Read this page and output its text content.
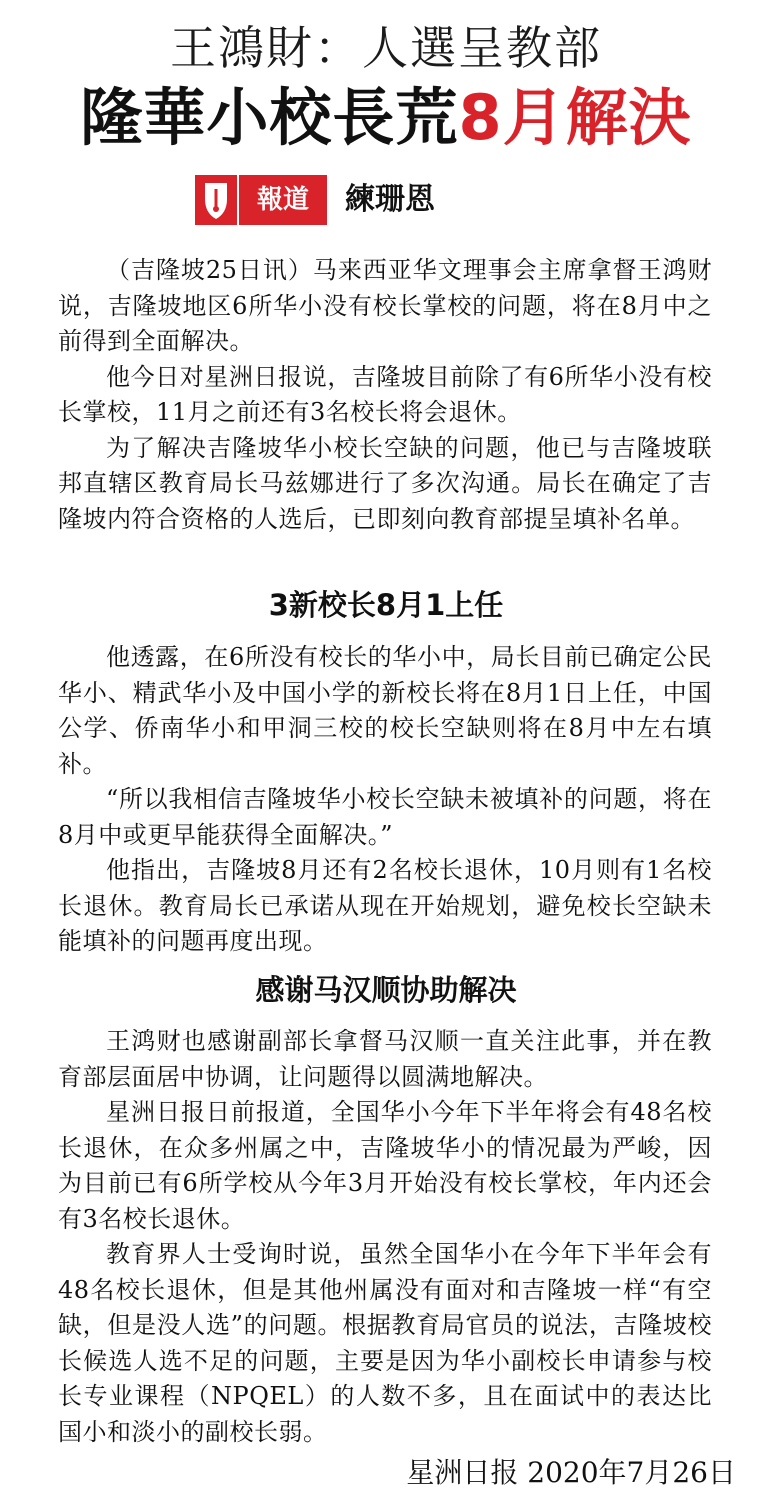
王鴻財：人選呈教部
隆華小校長荒8月解決
報道	練珊恩

（吉隆坡25日讯）马来西亚华文理事会主席拿督王鸿财说，吉隆坡地区6所华小没有校长掌校的问题，将在8月中之前得到全面解决。

他今日对星洲日报说，吉隆坡目前除了有6所华小没有校长掌校，11月之前还有3名校长将会退休。

为了解决吉隆坡华小校长空缺的问题，他已与吉隆坡联邦直辖区教育局长马兹娜进行了多次沟通。局长在确定了吉隆坡内符合资格的人选后，已即刻向教育部提呈填补名单。

3新校长8月1上任

他透露，在6所没有校长的华小中，局长目前已确定公民华小、精武华小及中国小学的新校长将在8月1日上任，中国公学、侨南华小和甲洞三校的校长空缺则将在8月中左右填补。

“所以我相信吉隆坡华小校长空缺未被填补的问题，将在8月中或更早能获得全面解决。”

他指出，吉隆坡8月还有2名校长退休，10月则有1名校长退休。教育局长已承诺从现在开始规划，避免校长空缺未能填补的问题再度出现。

感谢马汉顺协助解决

王鸿财也感谢副部长拿督马汉顺一直关注此事，并在教育部层面居中协调，让问题得以圆满地解决。

星洲日报日前报道，全国华小今年下半年将会有48名校长退休，在众多州属之中，吉隆坡华小的情况最为严峻，因为目前已有6所学校从今年3月开始没有校长掌校，年内还会有3名校长退休。

教育界人士受询时说，虽然全国华小在今年下半年会有48名校长退休，但是其他州属没有面对和吉隆坡一样“有空缺，但是没人选”的问题。根据教育局官员的说法，吉隆坡校长候选人选不足的问题，主要是因为华小副校长申请参与校长专业课程（NPQEL）的人数不多，且在面试中的表达比国小和淡小的副校长弱。

星洲日报 2020年7月26日
